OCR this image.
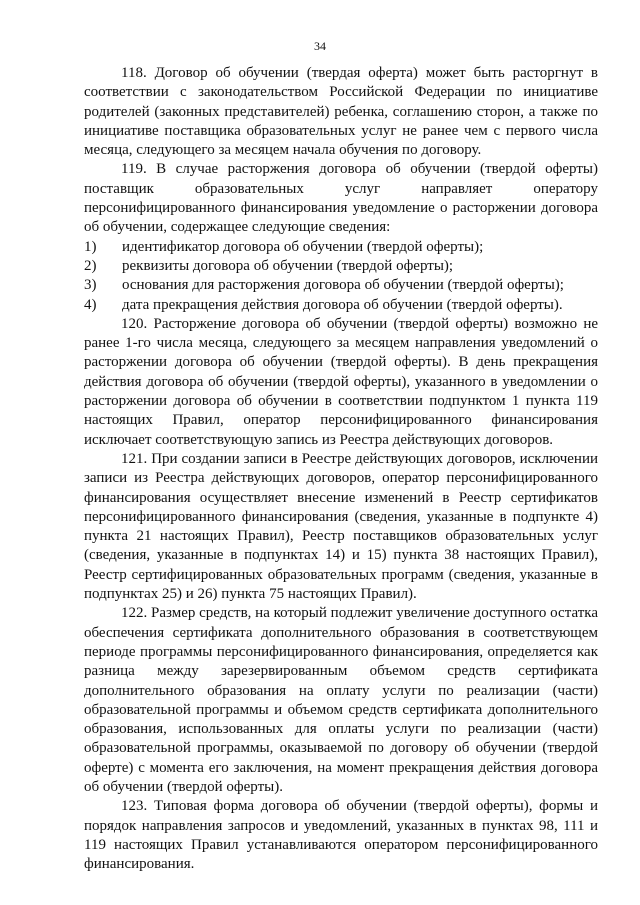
34

118. Договор об обучении (твердая оферта) может быть расторгнут в соответствии с законодательством Российской Федерации по инициативе родителей (законных представителей) ребенка, соглашению сторон, а также по инициативе поставщика образовательных услуг не ранее чем с первого числа месяца, следующего за месяцем начала обучения по договору.

119. В случае расторжения договора об обучении (твердой оферты) поставщик образовательных услуг направляет оператору персонифицированного финансирования уведомление о расторжении договора об обучении, содержащее следующие сведения:

1) идентификатор договора об обучении (твердой оферты);

2) реквизиты договора об обучении (твердой оферты);

3) основания для расторжения договора об обучении (твердой оферты);

4) дата прекращения действия договора об обучении (твердой оферты).

120. Расторжение договора об обучении (твердой оферты) возможно не ранее 1-го числа месяца, следующего за месяцем направления уведомлений о расторжении договора об обучении (твердой оферты). В день прекращения действия договора об обучении (твердой оферты), указанного в уведомлении о расторжении договора об обучении в соответствии подпунктом 1 пункта 119 настоящих Правил, оператор персонифицированного финансирования исключает соответствующую запись из Реестра действующих договоров.

121. При создании записи в Реестре действующих договоров, исключении записи из Реестра действующих договоров, оператор персонифицированного финансирования осуществляет внесение изменений в Реестр сертификатов персонифицированного финансирования (сведения, указанные в подпункте 4) пункта 21 настоящих Правил), Реестр поставщиков образовательных услуг (сведения, указанные в подпунктах 14) и 15) пункта 38 настоящих Правил), Реестр сертифицированных образовательных программ (сведения, указанные в подпунктах 25) и 26) пункта 75 настоящих Правил).

122. Размер средств, на который подлежит увеличение доступного остатка обеспечения сертификата дополнительного образования в соответствующем периоде программы персонифицированного финансирования, определяется как разница между зарезервированным объемом средств сертификата дополнительного образования на оплату услуги по реализации (части) образовательной программы и объемом средств сертификата дополнительного образования, использованных для оплаты услуги по реализации (части) образовательной программы, оказываемой по договору об обучении (твердой оферте) с момента его заключения, на момент прекращения действия договора об обучении (твердой оферты).

123. Типовая форма договора об обучении (твердой оферты), формы и порядок направления запросов и уведомлений, указанных в пунктах 98, 111 и 119 настоящих Правил устанавливаются оператором персонифицированного финансирования.
